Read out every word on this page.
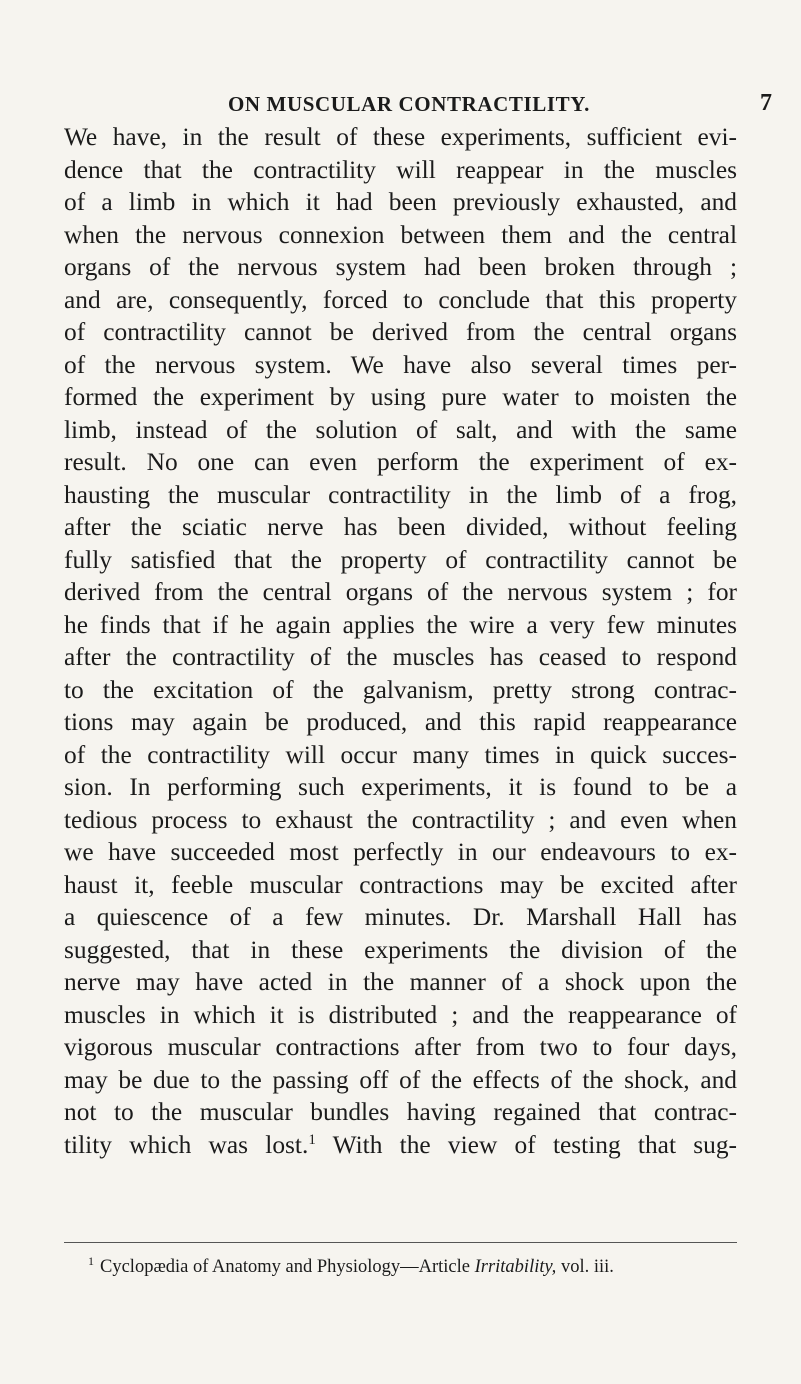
ON MUSCULAR CONTRACTILITY.	7
We have, in the result of these experiments, sufficient evi-
dence that the contractility will reappear in the muscles
of a limb in which it had been previously exhausted, and
when the nervous connexion between them and the central
organs of the nervous system had been broken through ;
and are, consequently, forced to conclude that this property
of contractility cannot be derived from the central organs
of the nervous system. We have also several times per-
formed the experiment by using pure water to moisten the
limb, instead of the solution of salt, and with the same
result. No one can even perform the experiment of ex-
hausting the muscular contractility in the limb of a frog,
after the sciatic nerve has been divided, without feeling
fully satisfied that the property of contractility cannot be
derived from the central organs of the nervous system ; for
he finds that if he again applies the wire a very few minutes
after the contractility of the muscles has ceased to respond
to the excitation of the galvanism, pretty strong contrac-
tions may again be produced, and this rapid reappearance
of the contractility will occur many times in quick succes-
sion. In performing such experiments, it is found to be a
tedious process to exhaust the contractility ; and even when
we have succeeded most perfectly in our endeavours to ex-
haust it, feeble muscular contractions may be excited after
a quiescence of a few minutes. Dr. Marshall Hall has
suggested, that in these experiments the division of the
nerve may have acted in the manner of a shock upon the
muscles in which it is distributed ; and the reappearance of
vigorous muscular contractions after from two to four days,
may be due to the passing off of the effects of the shock, and
not to the muscular bundles having regained that contrac-
tility which was lost.$^1$ With the view of testing that sug-
$^1$ Cyclopædia of Anatomy and Physiology—Article Irritability, vol. iii.
